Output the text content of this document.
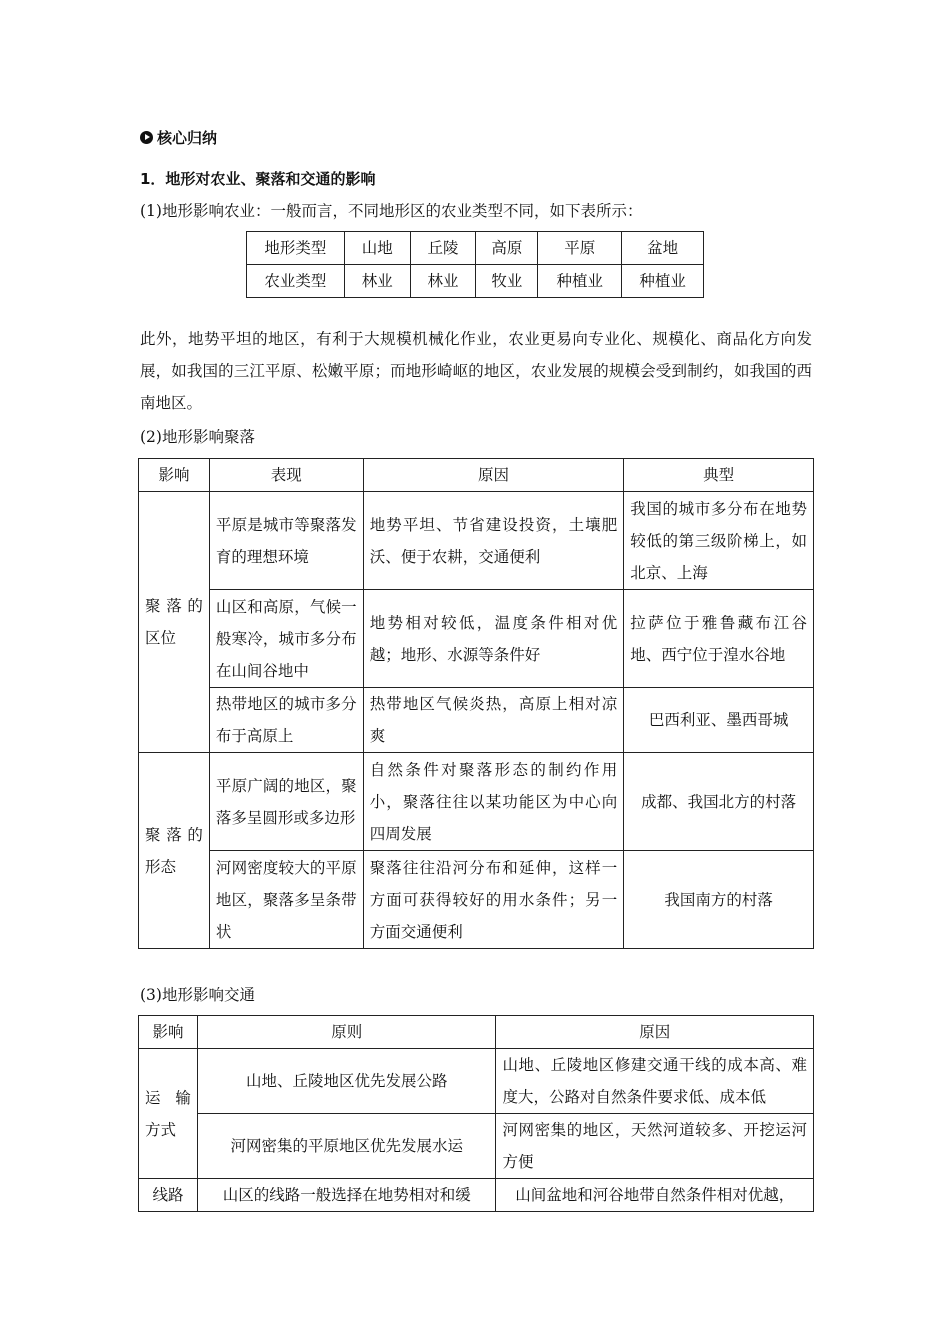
核心归纳
1．地形对农业、聚落和交通的影响
(1)地形影响农业：一般而言，不同地形区的农业类型不同，如下表所示：
地形类型	山地	丘陵	高原	平原	盆地
农业类型	林业	林业	牧业	种植业	种植业
此外，地势平坦的地区，有利于大规模机械化作业，农业更易向专业化、规模化、商品化方向发展，如我国的三江平原、松嫩平原；而地形崎岖的地区，农业发展的规模会受到制约，如我国的西南地区。
(2)地形影响聚落
影响	表现	原因	典型
聚落的区位	平原是城市等聚落发育的理想环境	地势平坦、节省建设投资，土壤肥沃、便于农耕，交通便利	我国的城市多分布在地势较低的第三级阶梯上，如北京、上海
	山区和高原，气候一般寒冷，城市多分布在山间谷地中	地势相对较低，温度条件相对优越；地形、水源等条件好	拉萨位于雅鲁藏布江谷地、西宁位于湟水谷地
	热带地区的城市多分布于高原上	热带地区气候炎热，高原上相对凉爽	巴西利亚、墨西哥城
聚落的形态	平原广阔的地区，聚落多呈圆形或多边形	自然条件对聚落形态的制约作用小，聚落往往以某功能区为中心向四周发展	成都、我国北方的村落
	河网密度较大的平原地区，聚落多呈条带状	聚落往往沿河分布和延伸，这样一方面可获得较好的用水条件；另一方面交通便利	我国南方的村落
(3)地形影响交通
影响	原则	原因
运输方式	山地、丘陵地区优先发展公路	山地、丘陵地区修建交通干线的成本高、难度大，公路对自然条件要求低、成本低
	河网密集的平原地区优先发展水运	河网密集的地区，天然河道较多、开挖运河方便
线路	山区的线路一般选择在地势相对和缓	山间盆地和河谷地带自然条件相对优越，
